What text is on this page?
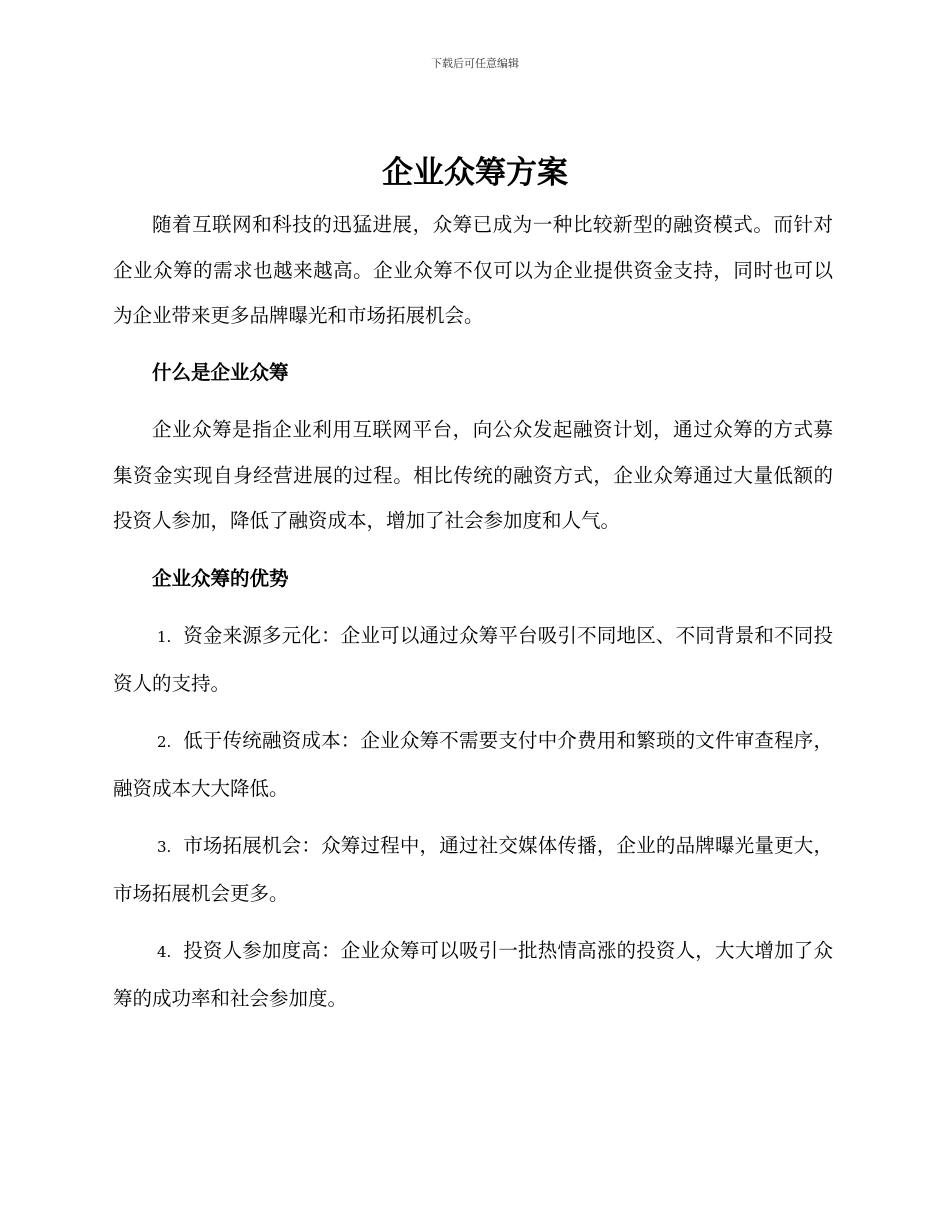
下载后可任意编辑
企业众筹方案

随着互联网和科技的迅猛进展，众筹已成为一种比较新型的融资模式。而针对企业众筹的需求也越来越高。企业众筹不仅可以为企业提供资金支持，同时也可以为企业带来更多品牌曝光和市场拓展机会。

什么是企业众筹

企业众筹是指企业利用互联网平台，向公众发起融资计划，通过众筹的方式募集资金实现自身经营进展的过程。相比传统的融资方式，企业众筹通过大量低额的投资人参加，降低了融资成本，增加了社会参加度和人气。

企业众筹的优势

1. 资金来源多元化：企业可以通过众筹平台吸引不同地区、不同背景和不同投资人的支持。

2. 低于传统融资成本：企业众筹不需要支付中介费用和繁琐的文件审查程序，融资成本大大降低。

3. 市场拓展机会：众筹过程中，通过社交媒体传播，企业的品牌曝光量更大，市场拓展机会更多。

4. 投资人参加度高：企业众筹可以吸引一批热情高涨的投资人，大大增加了众筹的成功率和社会参加度。
